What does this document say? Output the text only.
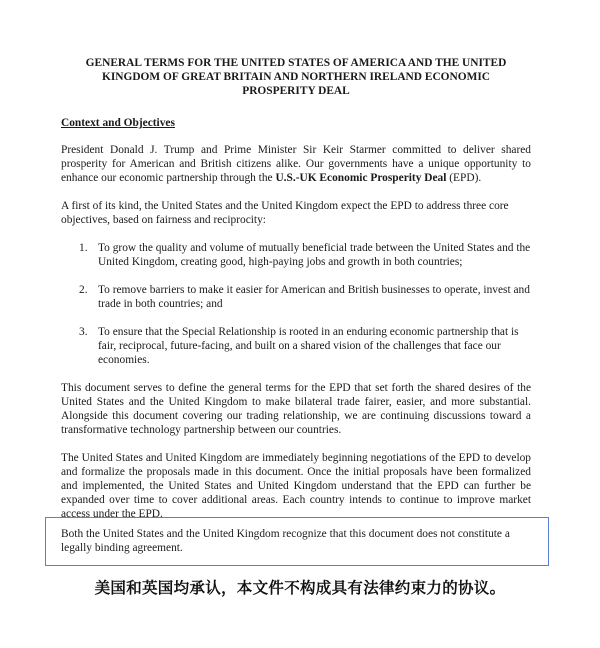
GENERAL TERMS FOR THE UNITED STATES OF AMERICA AND THE UNITED KINGDOM OF GREAT BRITAIN AND NORTHERN IRELAND ECONOMIC PROSPERITY DEAL
Context and Objectives

President Donald J. Trump and Prime Minister Sir Keir Starmer committed to deliver shared prosperity for American and British citizens alike. Our governments have a unique opportunity to enhance our economic partnership through the U.S.-UK Economic Prosperity Deal (EPD).

A first of its kind, the United States and the United Kingdom expect the EPD to address three core objectives, based on fairness and reciprocity:

1. To grow the quality and volume of mutually beneficial trade between the United States and the United Kingdom, creating good, high-paying jobs and growth in both countries;
2. To remove barriers to make it easier for American and British businesses to operate, invest and trade in both countries; and
3. To ensure that the Special Relationship is rooted in an enduring economic partnership that is fair, reciprocal, future-facing, and built on a shared vision of the challenges that face our economies.

This document serves to define the general terms for the EPD that set forth the shared desires of the United States and the United Kingdom to make bilateral trade fairer, easier, and more substantial. Alongside this document covering our trading relationship, we are continuing discussions toward a transformative technology partnership between our countries.

The United States and United Kingdom are immediately beginning negotiations of the EPD to develop and formalize the proposals made in this document. Once the initial proposals have been formalized and implemented, the United States and United Kingdom understand that the EPD can further be expanded over time to cover additional areas. Each country intends to continue to improve market access under the EPD.

Both the United States and the United Kingdom recognize that this document does not constitute a legally binding agreement.
美国和英国均承认，本文件不构成具有法律约束力的协议。
